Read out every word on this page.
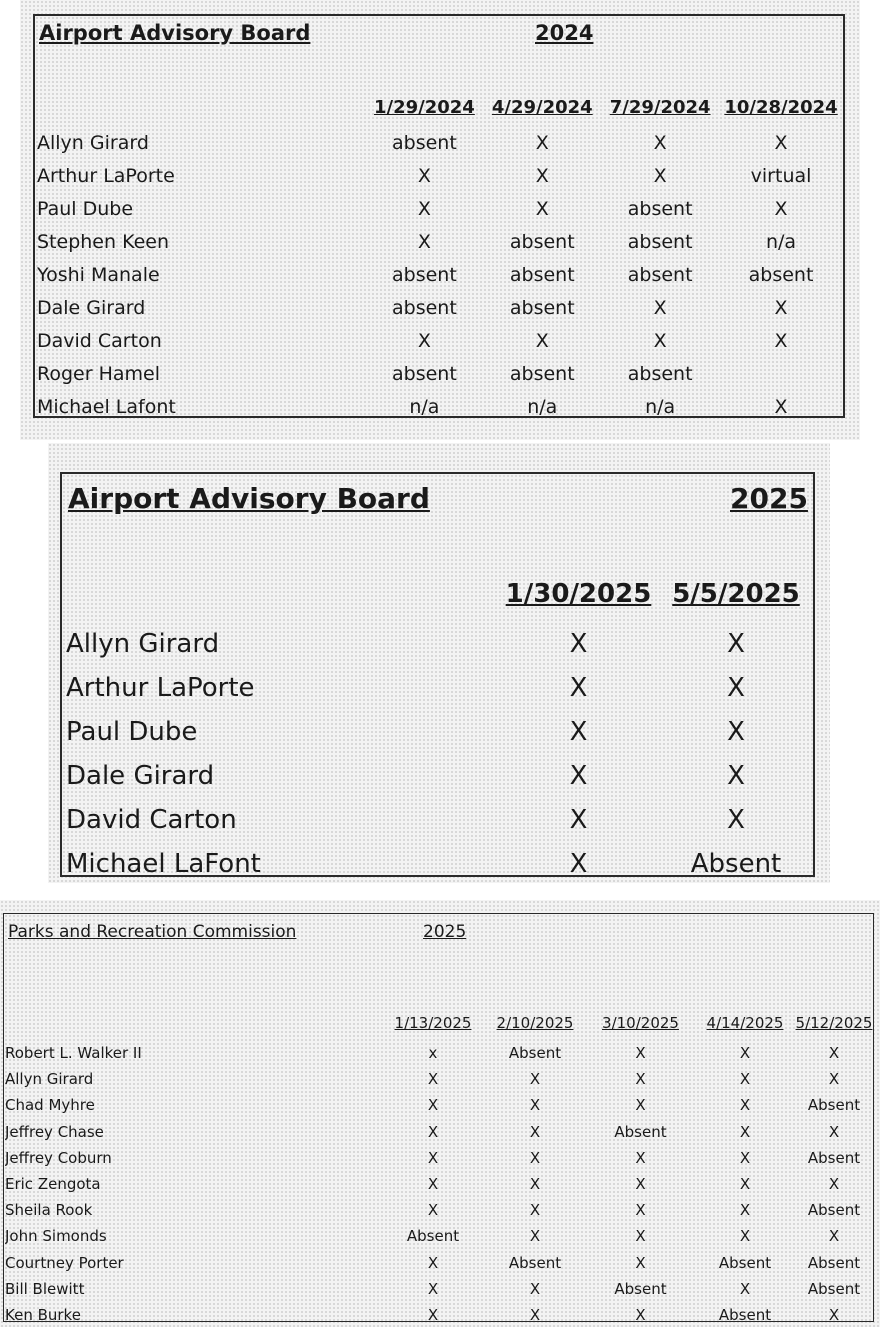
Airport Advisory Board	2024
	1/29/2024	4/29/2024	7/29/2024	10/28/2024
Allyn Girard	absent	X	X	X
Arthur LaPorte	X	X	X	virtual
Paul Dube	X	X	absent	X
Stephen Keen	X	absent	absent	n/a
Yoshi Manale	absent	absent	absent	absent
Dale Girard	absent	absent	X	X
David Carton	X	X	X	X
Roger Hamel	absent	absent	absent	
Michael Lafont	n/a	n/a	n/a	X
Airport Advisory Board	2025
	1/30/2025	5/5/2025
Allyn Girard	X	X
Arthur LaPorte	X	X
Paul Dube	X	X
Dale Girard	X	X
David Carton	X	X
Michael LaFont	X	Absent
Parks and Recreation Commission	2025
	1/13/2025	2/10/2025	3/10/2025	4/14/2025	5/12/2025
Robert L. Walker II	x	Absent	X	X	X
Allyn Girard	X	X	X	X	X
Chad Myhre	X	X	X	X	Absent
Jeffrey Chase	X	X	Absent	X	X
Jeffrey Coburn	X	X	X	X	Absent
Eric Zengota	X	X	X	X	X
Sheila Rook	X	X	X	X	Absent
John Simonds	Absent	X	X	X	X
Courtney Porter	X	Absent	X	Absent	Absent
Bill Blewitt	X	X	Absent	X	Absent
Ken Burke	X	X	X	Absent	X
